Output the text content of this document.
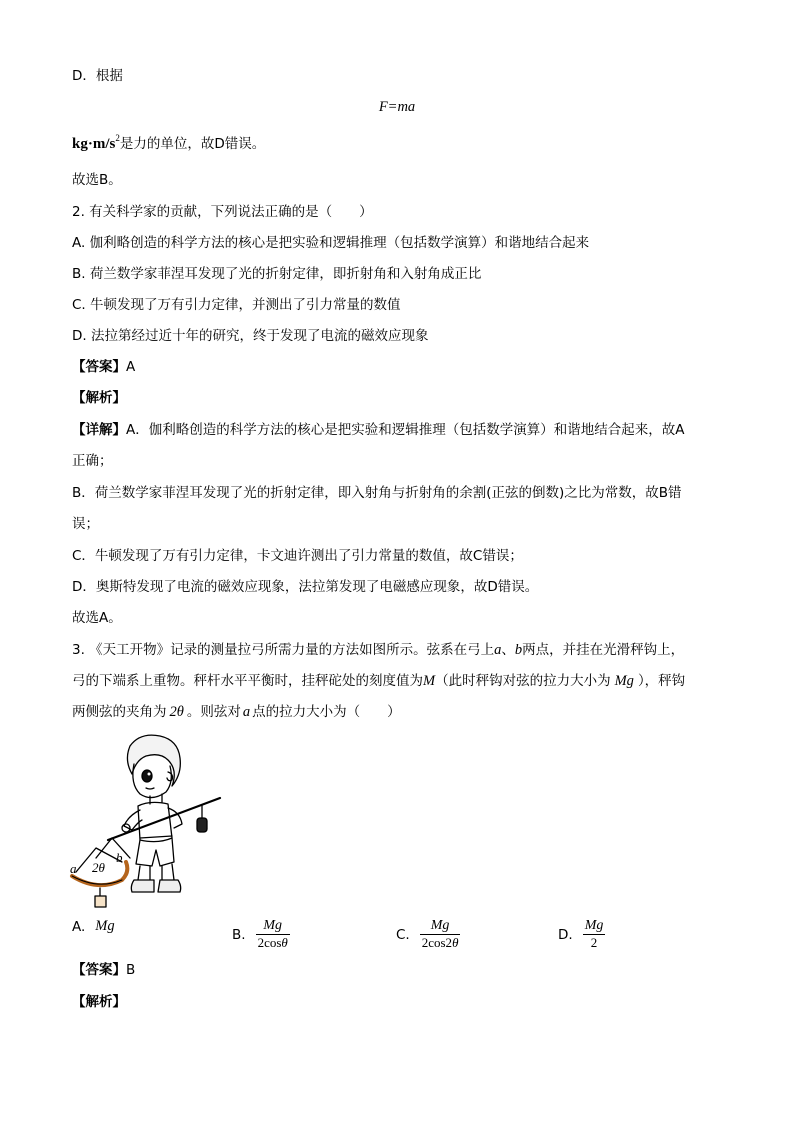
D．根据
F=ma
$kg\cdot m/s^2$是力的单位，故D错误。
故选B。
2. 有关科学家的贡献，下列说法正确的是（　　）
A. 伽利略创造的科学方法的核心是把实验和逻辑推理（包括数学演算）和谐地结合起来
B. 荷兰数学家菲涅耳发现了光的折射定律，即折射角和入射角成正比
C. 牛顿发现了万有引力定律，并测出了引力常量的数值
D. 法拉第经过近十年的研究，终于发现了电流的磁效应现象
【答案】A
【解析】
【详解】A．伽利略创造的科学方法的核心是把实验和逻辑推理（包括数学演算）和谐地结合起来，故A
正确；
B．荷兰数学家菲涅耳发现了光的折射定律，即入射角与折射角的余割(正弦的倒数)之比为常数，故B错
误；
C．牛顿发现了万有引力定律，卡文迪许测出了引力常量的数值，故C错误；
D．奥斯特发现了电流的磁效应现象，法拉第发现了电磁感应现象，故D错误。
故选A。
3. 《天工开物》记录的测量拉弓所需力量的方法如图所示。弦系在弓上a、b两点，并挂在光滑秤钩上，
弓的下端系上重物。秤杆水平平衡时，挂秤砣处的刻度值为M（此时秤钩对弦的拉力大小为 Mg ），秤钩
两侧弦的夹角为 2θ 。则弦对 a 点的拉力大小为（　　）
a
b
2θ
A. Mg
B. $\frac{Mg}{2\cos\theta}$	C. $\frac{Mg}{2\cos 2\theta}$	D. $\frac{Mg}{2}$
【答案】B
【解析】
